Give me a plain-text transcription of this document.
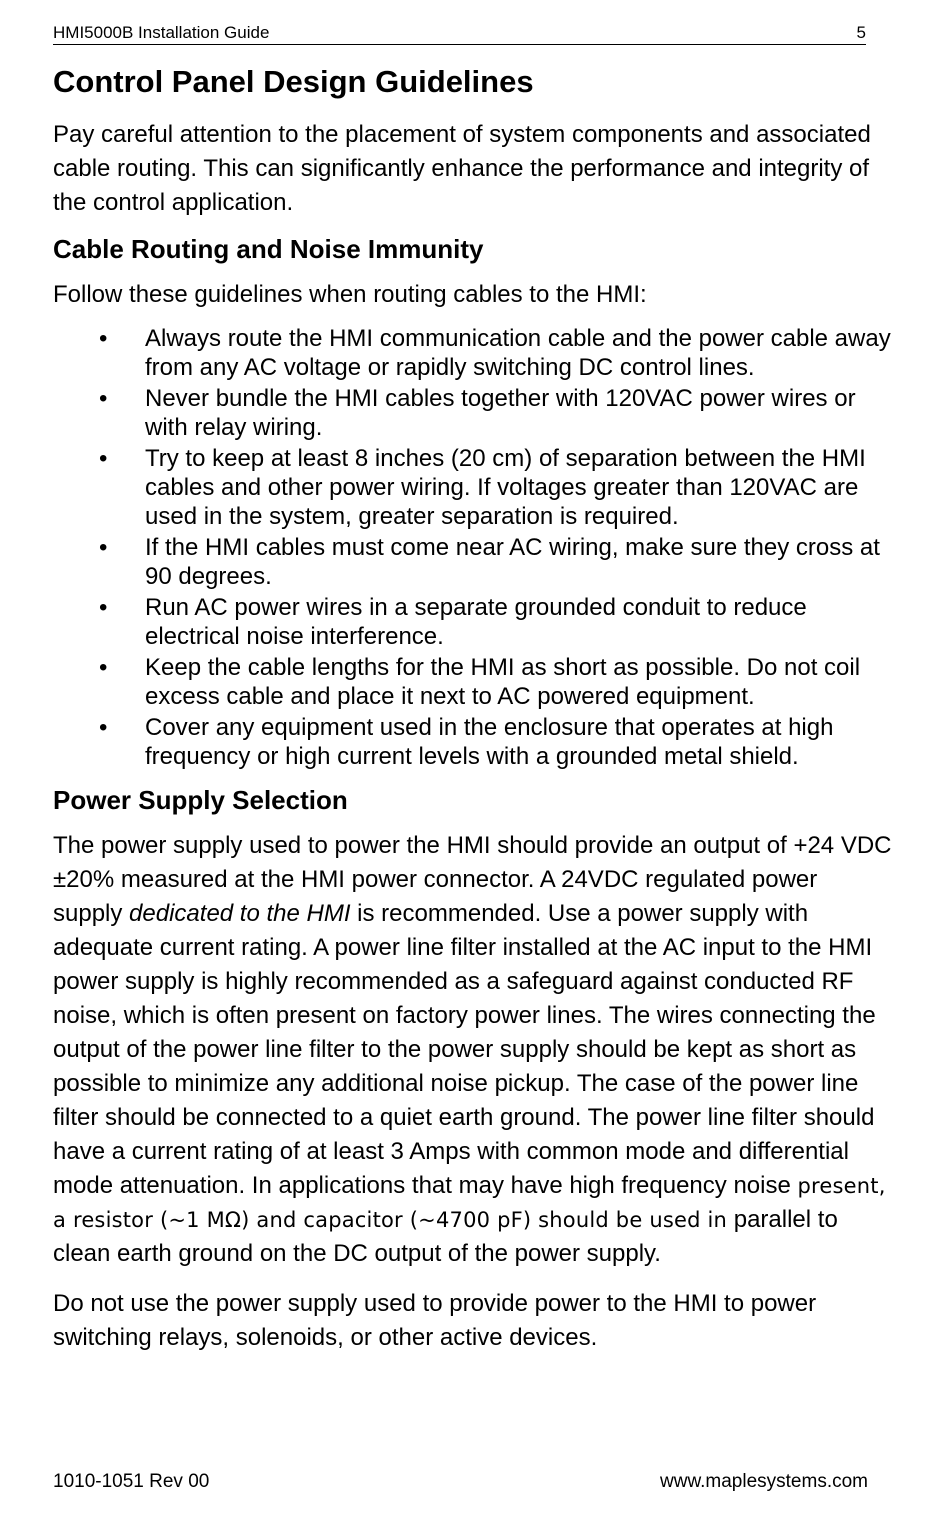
HMI5000B Installation Guide	5
Control Panel Design Guidelines

Pay careful attention to the placement of system components and associated cable routing. This can significantly enhance the performance and integrity of the control application.

Cable Routing and Noise Immunity

Follow these guidelines when routing cables to the HMI:

• Always route the HMI communication cable and the power cable away from any AC voltage or rapidly switching DC control lines.
• Never bundle the HMI cables together with 120VAC power wires or with relay wiring.
• Try to keep at least 8 inches (20 cm) of separation between the HMI cables and other power wiring. If voltages greater than 120VAC are used in the system, greater separation is required.
• If the HMI cables must come near AC wiring, make sure they cross at 90 degrees.
• Run AC power wires in a separate grounded conduit to reduce electrical noise interference.
• Keep the cable lengths for the HMI as short as possible. Do not coil excess cable and place it next to AC powered equipment.
• Cover any equipment used in the enclosure that operates at high frequency or high current levels with a grounded metal shield.
Power Supply Selection

The power supply used to power the HMI should provide an output of +24 VDC ±20% measured at the HMI power connector. A 24VDC regulated power supply dedicated to the HMI is recommended. Use a power supply with adequate current rating. A power line filter installed at the AC input to the HMI power supply is highly recommended as a safeguard against conducted RF noise, which is often present on factory power lines. The wires connecting the output of the power line filter to the power supply should be kept as short as possible to minimize any additional noise pickup. The case of the power line filter should be connected to a quiet earth ground. The power line filter should have a current rating of at least 3 Amps with common mode and differential mode attenuation. In applications that may have high frequency noise present, a resistor (~1 MΩ) and capacitor (~4700 pF) should be used in parallel to clean earth ground on the DC output of the power supply.

Do not use the power supply used to provide power to the HMI to power switching relays, solenoids, or other active devices.

1010-1051 Rev 00	www.maplesystems.com
